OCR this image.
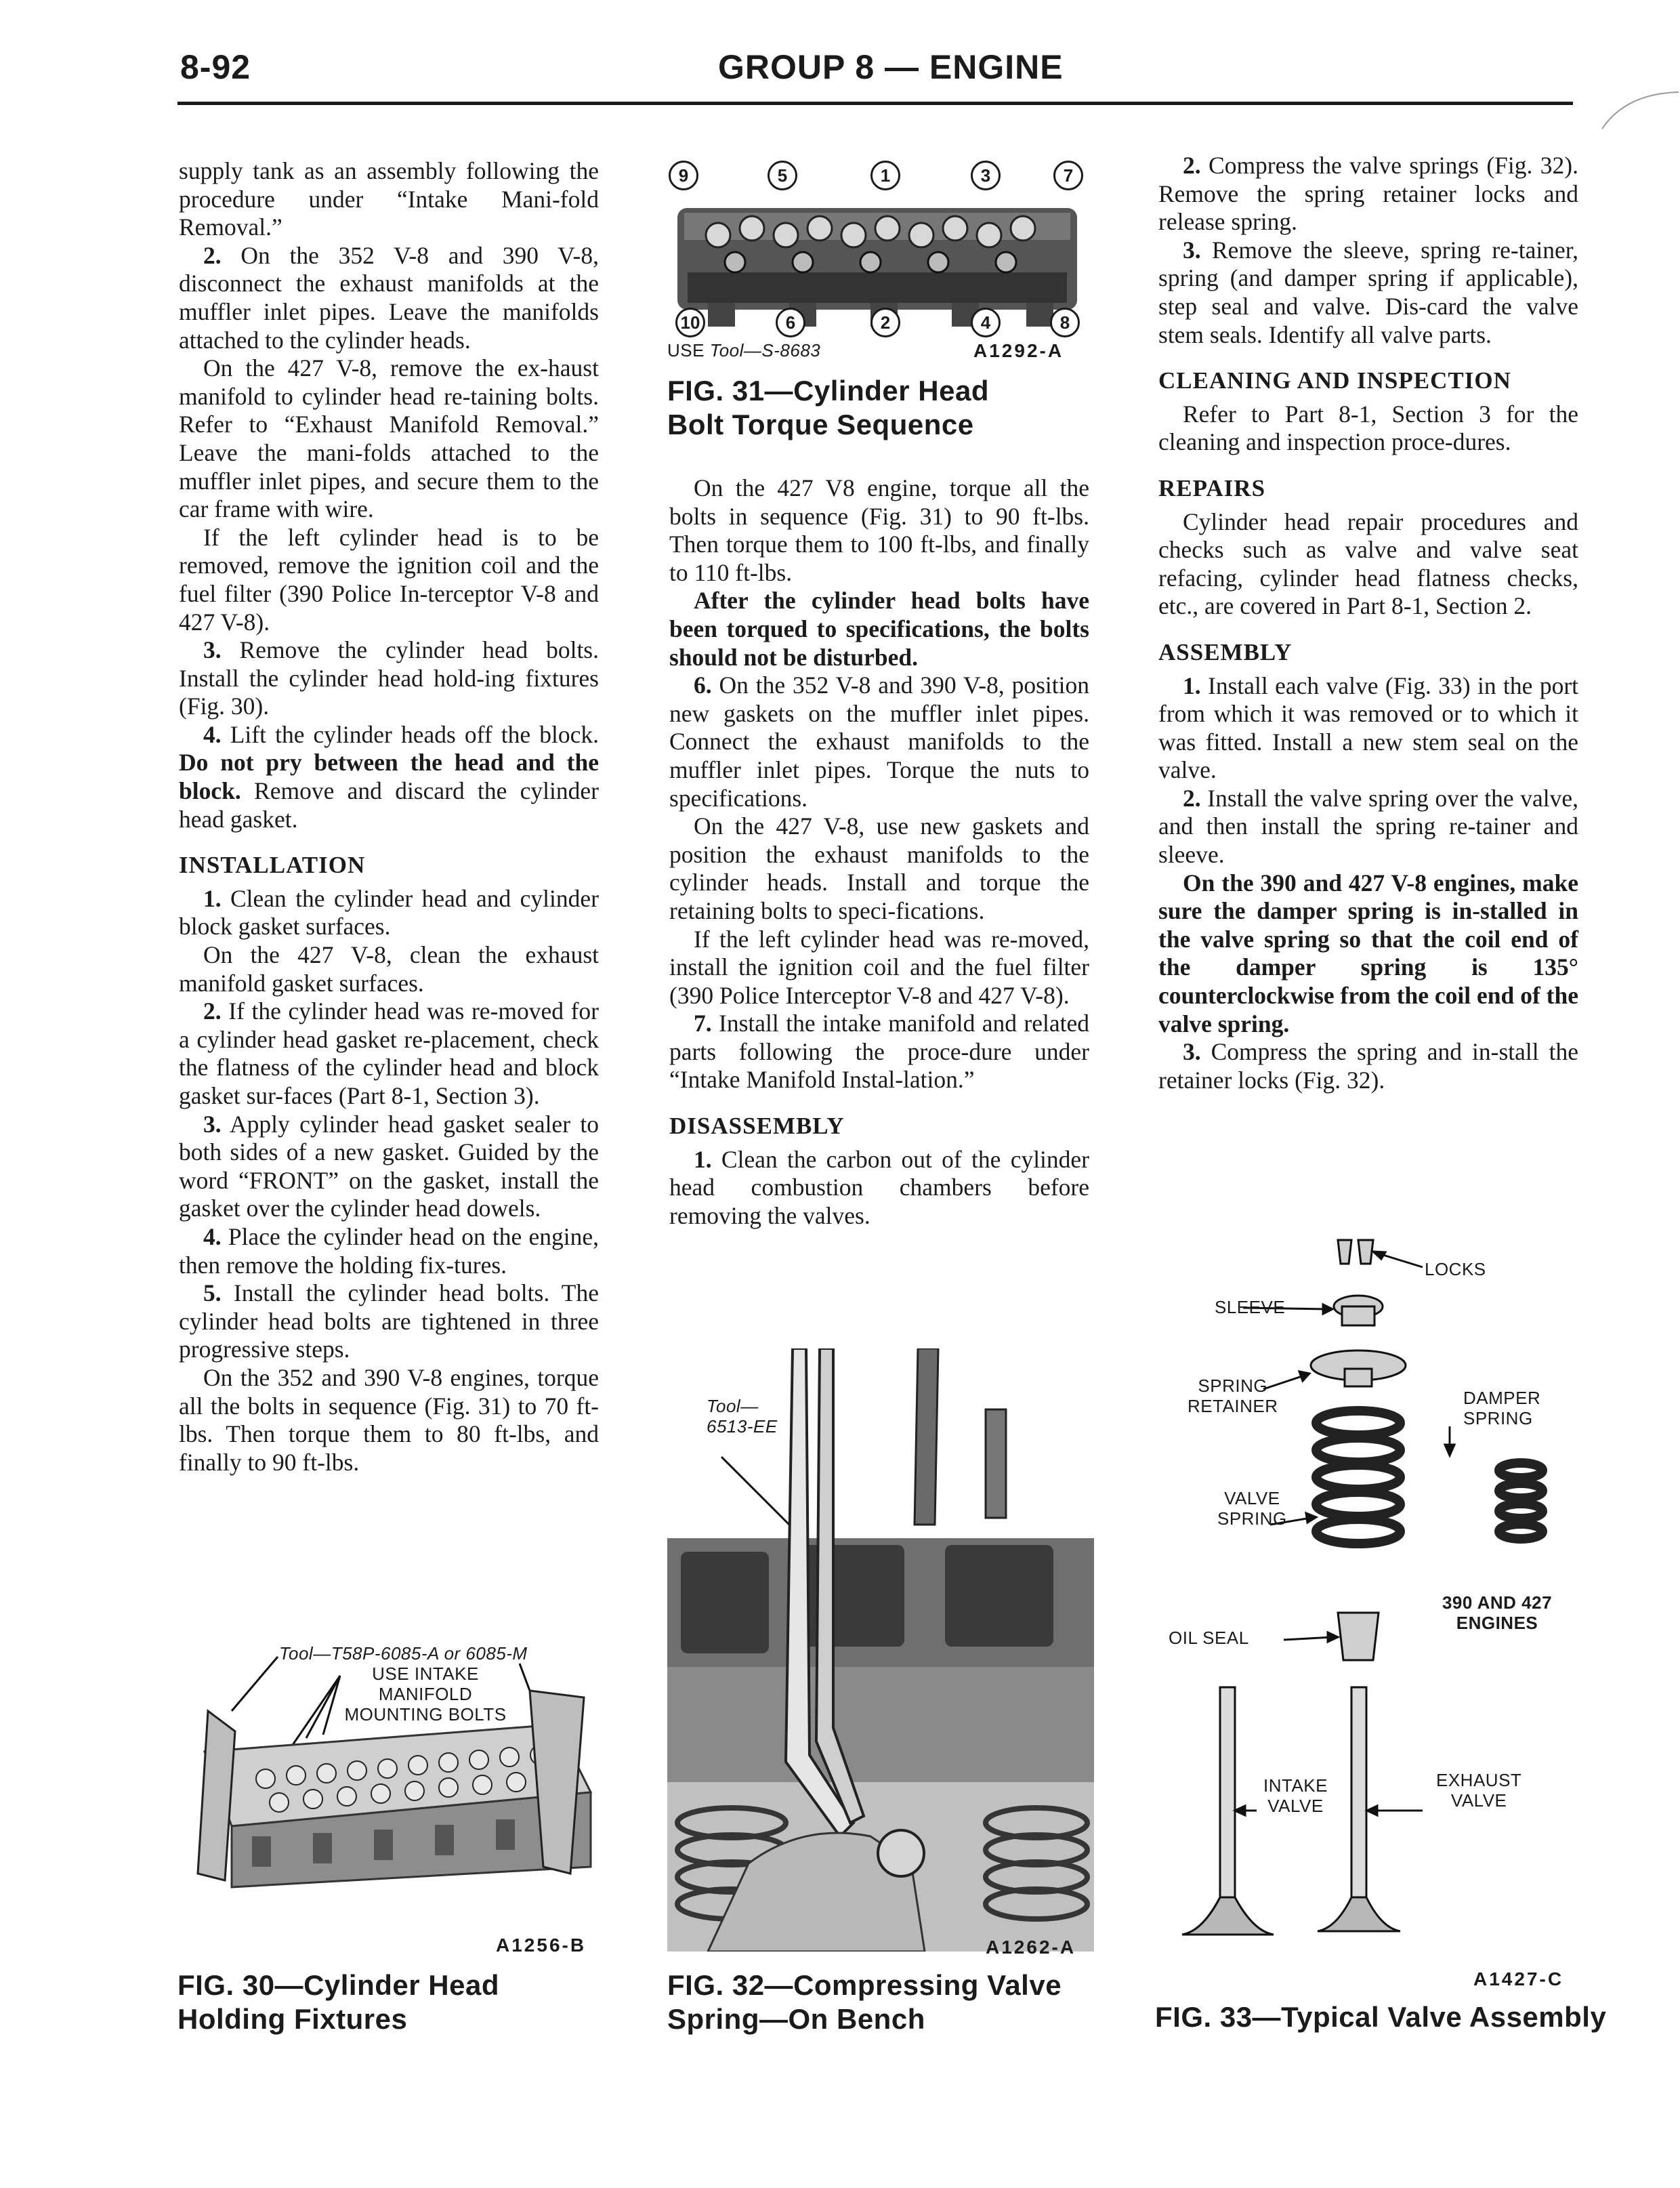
8-92	GROUP 8 — ENGINE

supply tank as an assembly following the procedure under “Intake Mani-fold Removal.”

2. On the 352 V-8 and 390 V-8, disconnect the exhaust manifolds at the muffler inlet pipes. Leave the manifolds attached to the cylinder heads.

On the 427 V-8, remove the ex-haust manifold to cylinder head re-taining bolts. Refer to “Exhaust Manifold Removal.” Leave the mani-folds attached to the muffler inlet pipes, and secure them to the car frame with wire.

If the left cylinder head is to be removed, remove the ignition coil and the fuel filter (390 Police In-terceptor V-8 and 427 V-8).

3. Remove the cylinder head bolts. Install the cylinder head hold-ing fixtures (Fig. 30).

4. Lift the cylinder heads off the block. Do not pry between the head and the block. Remove and discard the cylinder head gasket.

INSTALLATION

1. Clean the cylinder head and cylinder block gasket surfaces.

On the 427 V-8, clean the exhaust manifold gasket surfaces.

2. If the cylinder head was re-moved for a cylinder head gasket re-placement, check the flatness of the cylinder head and block gasket sur-faces (Part 8-1, Section 3).

3. Apply cylinder head gasket sealer to both sides of a new gasket. Guided by the word “FRONT” on the gasket, install the gasket over the cylinder head dowels.

4. Place the cylinder head on the engine, then remove the holding fix-tures.

5. Install the cylinder head bolts. The cylinder head bolts are tightened in three progressive steps.

On the 352 and 390 V-8 engines, torque all the bolts in sequence (Fig. 31) to 70 ft-lbs. Then torque them to 80 ft-lbs, and finally to 90 ft-lbs.

On the 427 V8 engine, torque all the bolts in sequence (Fig. 31) to 90 ft-lbs. Then torque them to 100 ft-lbs, and finally to 110 ft-lbs.

After the cylinder head bolts have been torqued to specifications, the bolts should not be disturbed.

6. On the 352 V-8 and 390 V-8, position new gaskets on the muffler inlet pipes. Connect the exhaust manifolds to the muffler inlet pipes. Torque the nuts to specifications.

On the 427 V-8, use new gaskets and position the exhaust manifolds to the cylinder heads. Install and torque the retaining bolts to speci-fications.

If the left cylinder head was re-moved, install the ignition coil and the fuel filter (390 Police Interceptor V-8 and 427 V-8).

7. Install the intake manifold and related parts following the proce-dure under “Intake Manifold Instal-lation.”

DISASSEMBLY

1. Clean the carbon out of the cylinder head combustion chambers before removing the valves.

2. Compress the valve springs (Fig. 32). Remove the spring retainer locks and release spring.

3. Remove the sleeve, spring re-tainer, spring (and damper spring if applicable), step seal and valve. Dis-card the valve stem seals. Identify all valve parts.

CLEANING AND INSPECTION

Refer to Part 8-1, Section 3 for the cleaning and inspection proce-dures.

REPAIRS

Cylinder head repair procedures and checks such as valve and valve seat refacing, cylinder head flatness checks, etc., are covered in Part 8-1, Section 2.

ASSEMBLY

1. Install each valve (Fig. 33) in the port from which it was removed or to which it was fitted. Install a new stem seal on the valve.

2. Install the valve spring over the valve, and then install the spring re-tainer and sleeve.

On the 390 and 427 V-8 engines, make sure the damper spring is in-stalled in the valve spring so that the coil end of the damper spring is 135° counterclockwise from the coil end of the valve spring.

3. Compress the spring and in-stall the retainer locks (Fig. 32).

9	5	1	3	7
10	6	2	4	8
USE Tool—S-8683	A1292-A
FIG. 31—Cylinder Head Bolt Torque Sequence
Tool—T58P-6085-A or 6085-M
USE INTAKE
MANIFOLD
MOUNTING BOLTS
A1256-B
FIG. 30—Cylinder Head Holding Fixtures
Tool—
6513-EE
A1262-A
FIG. 32—Compressing Valve Spring—On Bench
LOCKS
SLEEVE
SPRING
RETAINER	DAMPER
SPRING
VALVE
SPRING
390 AND 427
ENGINES
OIL SEAL
INTAKE
VALVE
EXHAUST
VALVE
A1427-C
FIG. 33—Typical Valve Assembly
